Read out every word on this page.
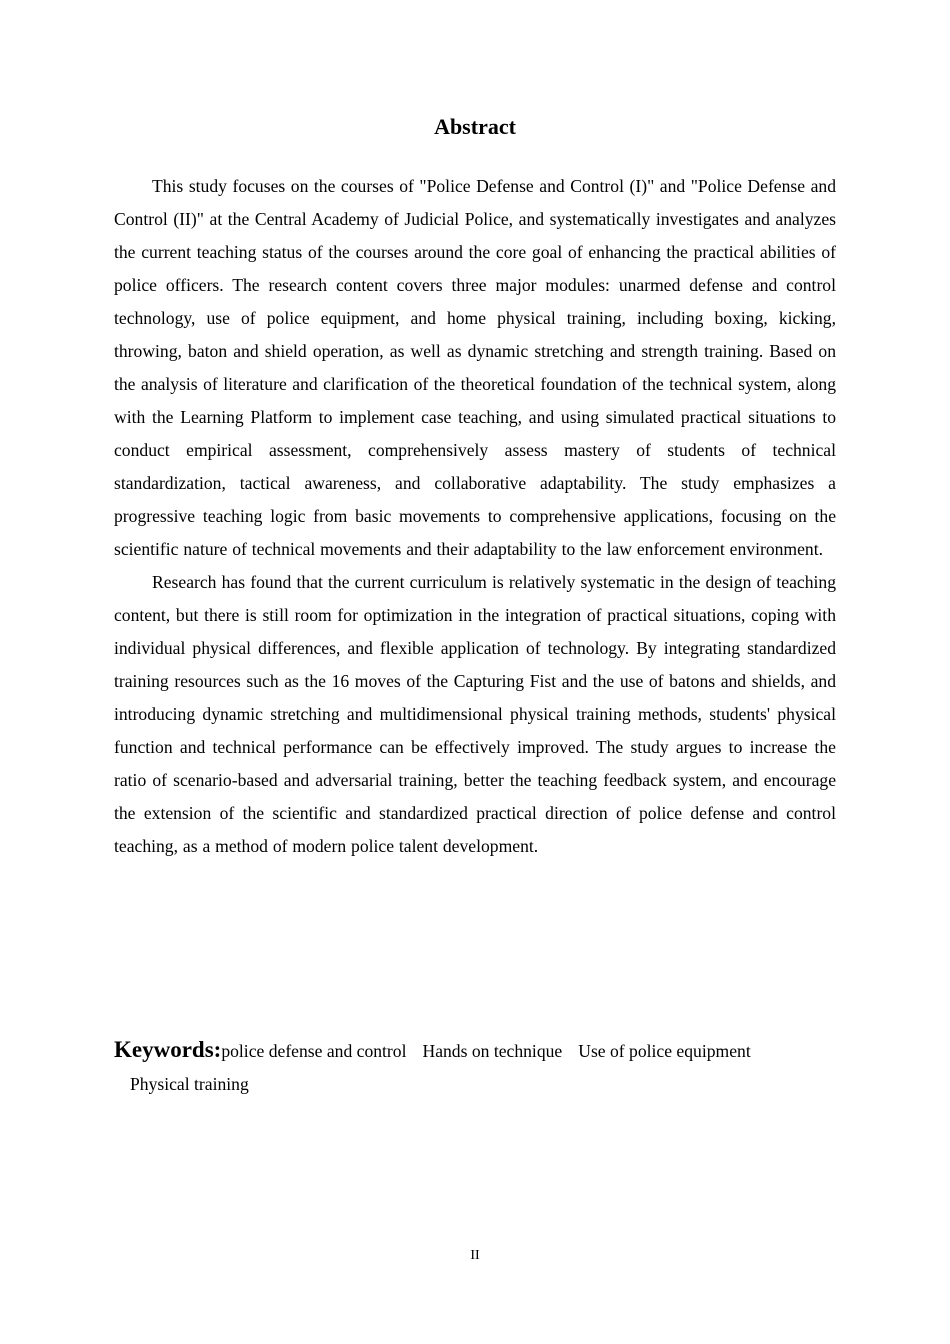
Abstract

This study focuses on the courses of "Police Defense and Control (I)" and "Police Defense and Control (II)" at the Central Academy of Judicial Police, and systematically investigates and analyzes the current teaching status of the courses around the core goal of enhancing the practical abilities of police officers. The research content covers three major modules: unarmed defense and control technology, use of police equipment, and home physical training, including boxing, kicking, throwing, baton and shield operation, as well as dynamic stretching and strength training. Based on the analysis of literature and clarification of the theoretical foundation of the technical system, along with the Learning Platform to implement case teaching, and using simulated practical situations to conduct empirical assessment, comprehensively assess mastery of students of technical standardization, tactical awareness, and collaborative adaptability. The study emphasizes a progressive teaching logic from basic movements to comprehensive applications, focusing on the scientific nature of technical movements and their adaptability to the law enforcement environment.

Research has found that the current curriculum is relatively systematic in the design of teaching content, but there is still room for optimization in the integration of practical situations, coping with individual physical differences, and flexible application of technology. By integrating standardized training resources such as the 16 moves of the Capturing Fist and the use of batons and shields, and introducing dynamic stretching and multidimensional physical training methods, students' physical function and technical performance can be effectively improved. The study argues to increase the ratio of scenario-based and adversarial training, better the teaching feedback system, and encourage the extension of the scientific and standardized practical direction of police defense and control teaching, as a method of modern police talent development.

Keywords:police defense and control Hands on technique Use of police equipment
Physical training
II
